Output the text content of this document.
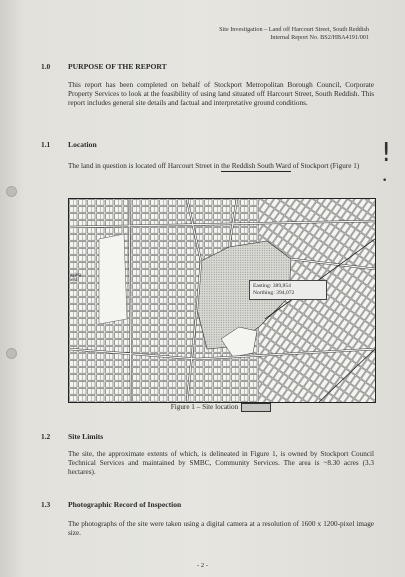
Site Investigation – Land off Harcourt Street, South Reddish
Internal Report No. BS2/HBA4191/001
1.0 PURPOSE OF THE REPORT
This report has been completed on behalf of Stockport Metropolitan Borough Council, Corporate Property Services to look at the feasibility of using land situated off Harcourt Street, South Reddish. This report includes general site details and factual and interpretative ground conditions.
1.1 Location
The land in question is located off Harcourt Street in the Reddish South Ward of Stockport (Figure 1) !
•
aying
ield
Easting: 389,854
Northing: 394,072
Figure 1 – Site location
1.2 Site Limits
The site, the approximate extents of which, is delineated in Figure 1, is owned by Stockport Council Technical Services and maintained by SMBC, Community Services. The area is ~8.30 acres (3.3 hectares).
1.3 Photographic Record of Inspection
The photographs of the site were taken using a digital camera at a resolution of 1600 x 1200-pixel image size.
- 2 -
